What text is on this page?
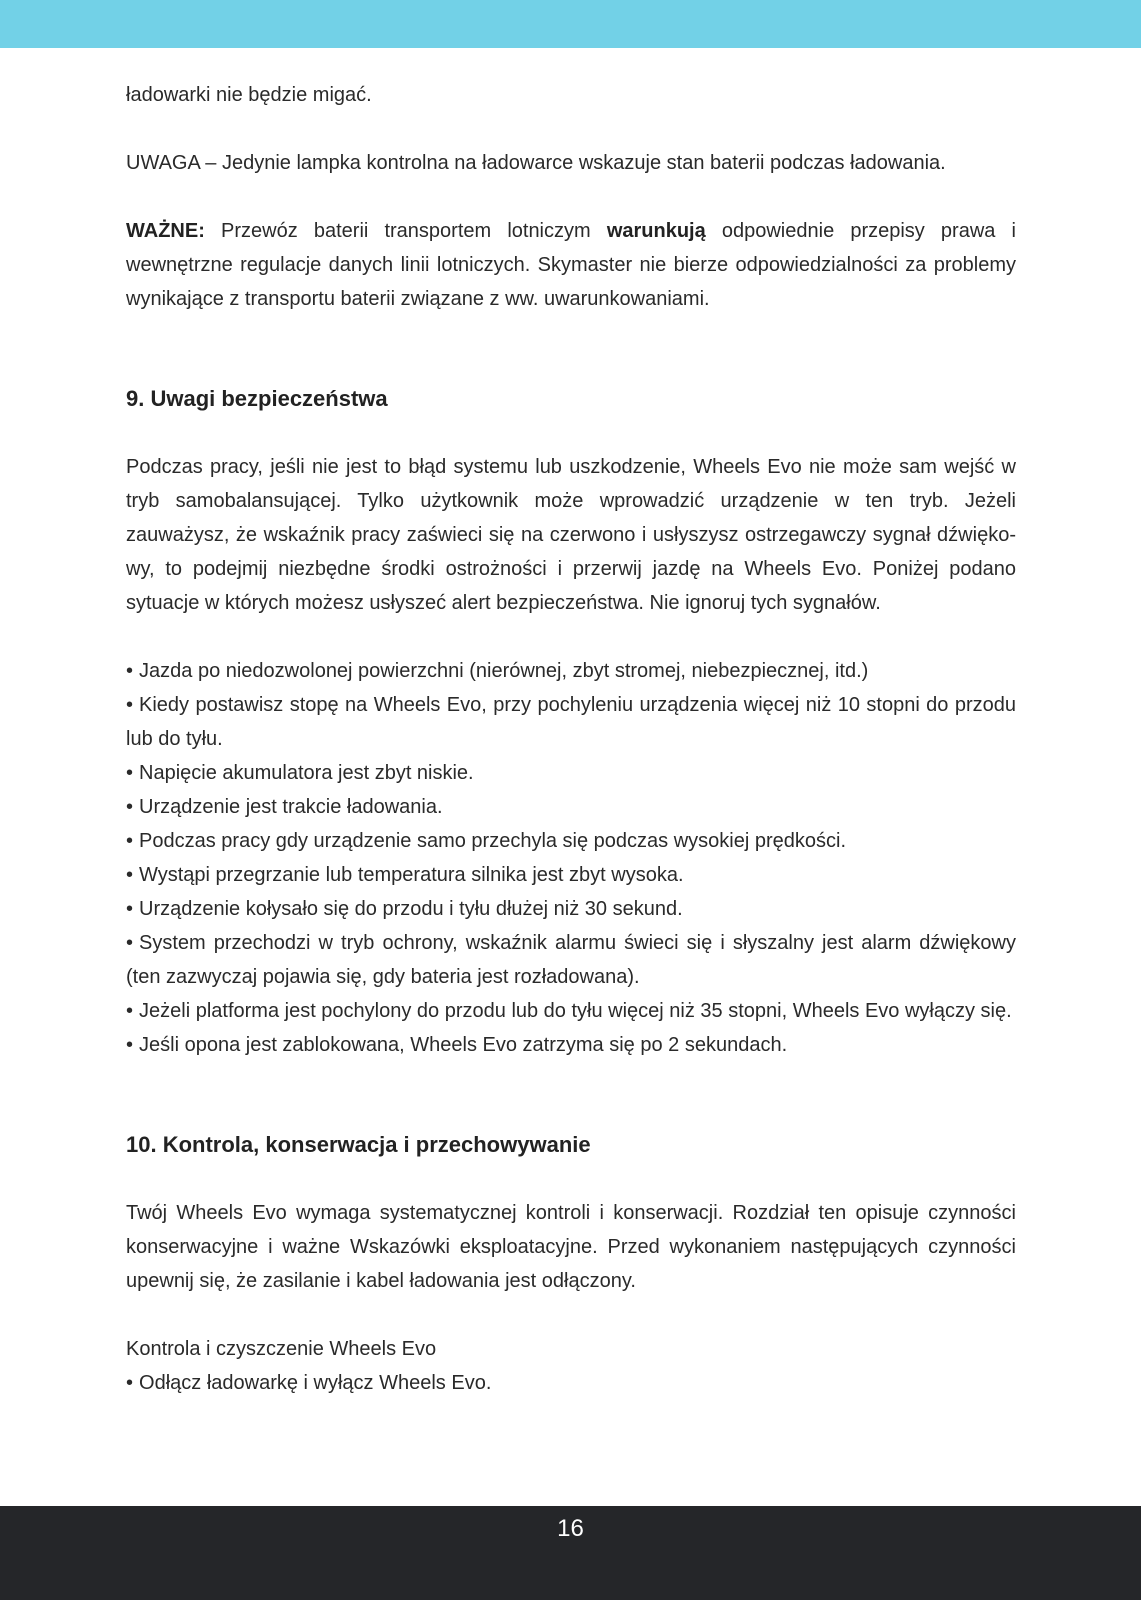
ładowarki nie będzie migać.

UWAGA – Jedynie lampka kontrolna na ładowarce wskazuje stan baterii podczas ładowania.

WAŻNE: Przewóz baterii transportem lotniczym warunkują odpowiednie przepisy prawa i wewnętrzne regulacje danych linii lotniczych. Skymaster nie bierze odpowiedzialności za problemy wynikające z transportu baterii związane z ww. uwarunkowaniami.

9. Uwagi bezpieczeństwa

Podczas pracy, jeśli nie jest to błąd systemu lub uszkodzenie, Wheels Evo nie może sam wejść w tryb samobalansującej. Tylko użytkownik może wprowadzić urządzenie w ten tryb. Jeżeli zauważysz, że wskaźnik pracy zaświeci się na czerwono i usłyszysz ostrzegawczy sygnał dźwiękowy, to podejmij niezbędne środki ostrożności i przerwij jazdę na Wheels Evo. Poniżej podano sytuacje w których możesz usłyszeć alert bezpieczeństwa. Nie ignoruj tych sygnałów.

• Jazda po niedozwolonej powierzchni (nierównej, zbyt stromej, niebezpiecznej, itd.)
• Kiedy postawisz stopę na Wheels Evo, przy pochyleniu urządzenia więcej niż 10 stopni do przodu lub do tyłu.
• Napięcie akumulatora jest zbyt niskie.
• Urządzenie jest trakcie ładowania.
• Podczas pracy gdy urządzenie samo przechyla się podczas wysokiej prędkości.
• Wystąpi przegrzanie lub temperatura silnika jest zbyt wysoka.
• Urządzenie kołysało się do przodu i tyłu dłużej niż 30 sekund.
• System przechodzi w tryb ochrony, wskaźnik alarmu świeci się i słyszalny jest alarm dźwiękowy (ten zazwyczaj pojawia się, gdy bateria jest rozładowana).
• Jeżeli platforma jest pochylony do przodu lub do tyłu więcej niż 35 stopni, Wheels Evo wyłączy się.
• Jeśli opona jest zablokowana, Wheels Evo zatrzyma się po 2 sekundach.
10. Kontrola, konserwacja i przechowywanie

Twój Wheels Evo wymaga systematycznej kontroli i konserwacji. Rozdział ten opisuje czynności konserwacyjne i ważne Wskazówki eksploatacyjne. Przed wykonaniem następujących czynności upewnij się, że zasilanie i kabel ładowania jest odłączony.

Kontrola i czyszczenie Wheels Evo

• Odłącz ładowarkę i wyłącz Wheels Evo.
16
